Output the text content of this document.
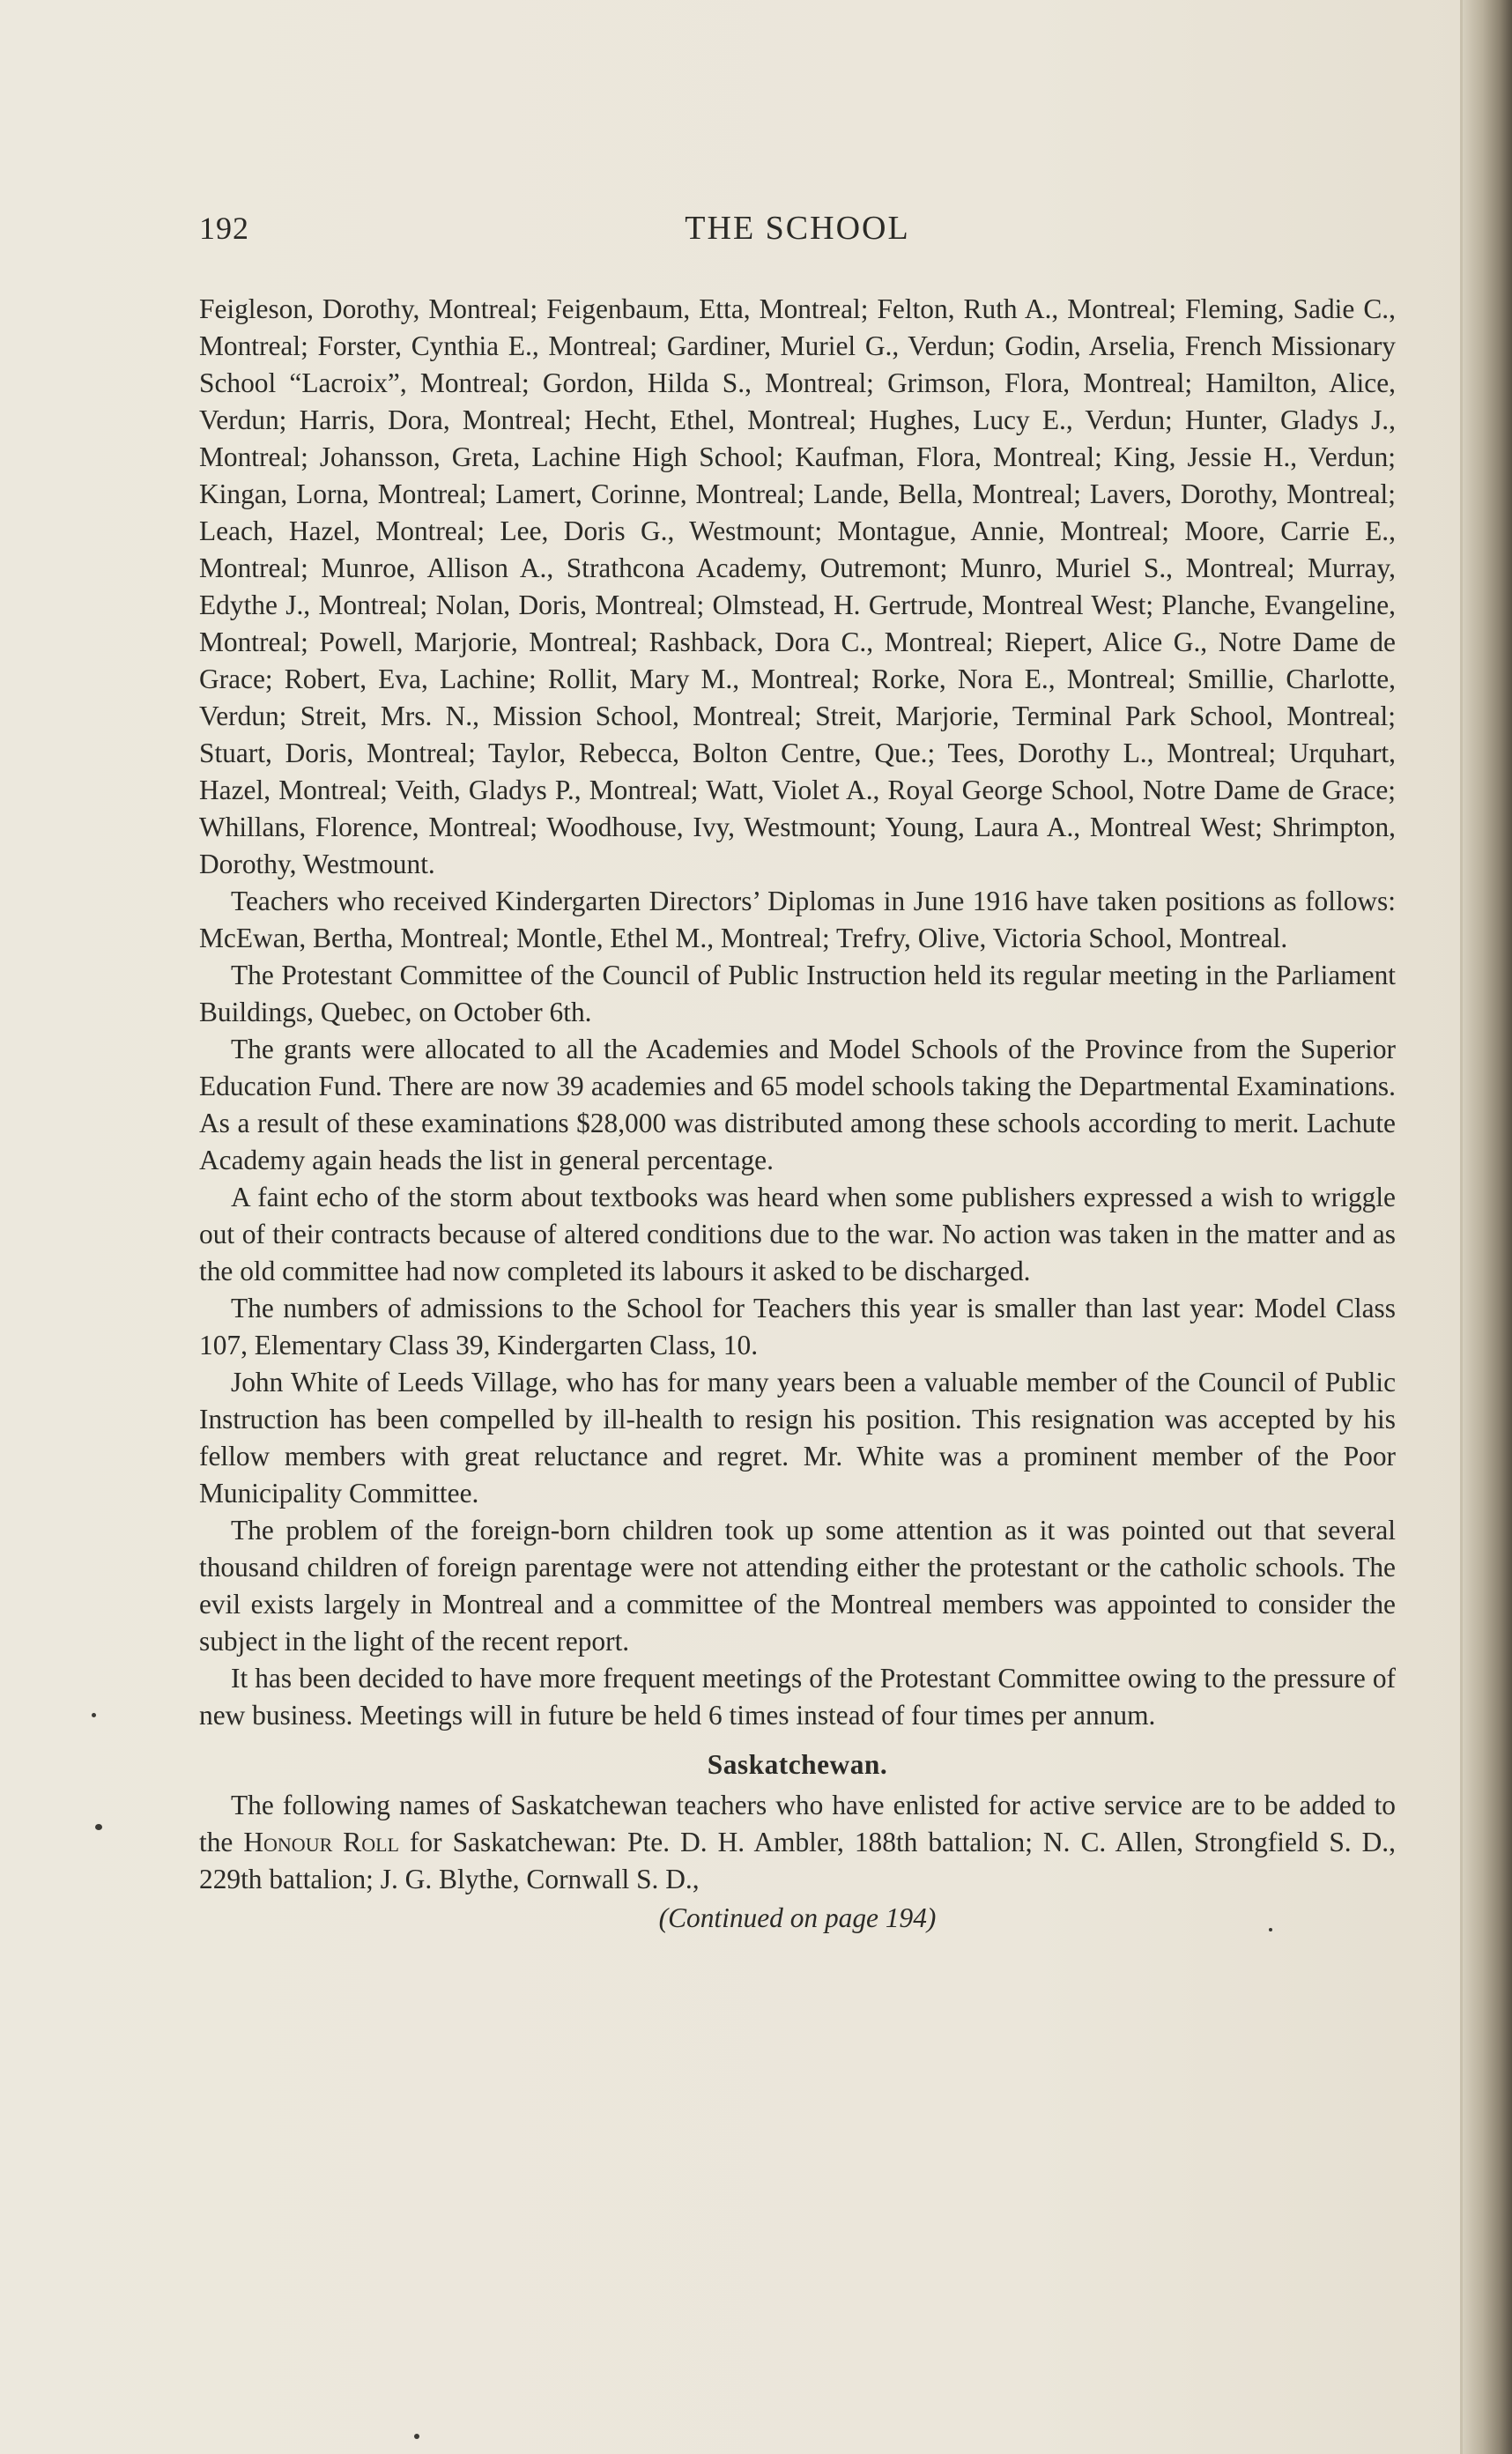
192	THE SCHOOL

Feigleson, Dorothy, Montreal; Feigenbaum, Etta, Montreal; Felton, Ruth A., Montreal; Fleming, Sadie C., Montreal; Forster, Cynthia E., Montreal; Gardiner, Muriel G., Verdun; Godin, Arselia, French Missionary School “Lacroix”, Montreal; Gordon, Hilda S., Montreal; Grimson, Flora, Montreal; Hamilton, Alice, Verdun; Harris, Dora, Montreal; Hecht, Ethel, Montreal; Hughes, Lucy E., Verdun; Hunter, Gladys J., Montreal; Johansson, Greta, Lachine High School; Kaufman, Flora, Montreal; King, Jessie H., Verdun; Kingan, Lorna, Montreal; Lamert, Corinne, Montreal; Lande, Bella, Montreal; Lavers, Dorothy, Montreal; Leach, Hazel, Montreal; Lee, Doris G., Westmount; Montague, Annie, Montreal; Moore, Carrie E., Montreal; Munroe, Allison A., Strathcona Academy, Outremont; Munro, Muriel S., Montreal; Murray, Edythe J., Montreal; Nolan, Doris, Montreal; Olmstead, H. Gertrude, Montreal West; Planche, Evangeline, Montreal; Powell, Marjorie, Montreal; Rashback, Dora C., Montreal; Riepert, Alice G., Notre Dame de Grace; Robert, Eva, Lachine; Rollit, Mary M., Montreal; Rorke, Nora E., Montreal; Smillie, Charlotte, Verdun; Streit, Mrs. N., Mission School, Montreal; Streit, Marjorie, Terminal Park School, Montreal; Stuart, Doris, Montreal; Taylor, Rebecca, Bolton Centre, Que.; Tees, Dorothy L., Montreal; Urquhart, Hazel, Montreal; Veith, Gladys P., Montreal; Watt, Violet A., Royal George School, Notre Dame de Grace; Whillans, Florence, Montreal; Woodhouse, Ivy, Westmount; Young, Laura A., Montreal West; Shrimpton, Dorothy, Westmount.

Teachers who received Kindergarten Directors’ Diplomas in June 1916 have taken positions as follows: McEwan, Bertha, Montreal; Montle, Ethel M., Montreal; Trefry, Olive, Victoria School, Montreal.

The Protestant Committee of the Council of Public Instruction held its regular meeting in the Parliament Buildings, Quebec, on October 6th.

The grants were allocated to all the Academies and Model Schools of the Province from the Superior Education Fund. There are now 39 academies and 65 model schools taking the Departmental Examinations. As a result of these examinations $28,000 was distributed among these schools according to merit. Lachute Academy again heads the list in general percentage.

A faint echo of the storm about textbooks was heard when some publishers expressed a wish to wriggle out of their contracts because of altered conditions due to the war. No action was taken in the matter and as the old committee had now completed its labours it asked to be discharged.

The numbers of admissions to the School for Teachers this year is smaller than last year: Model Class 107, Elementary Class 39, Kindergarten Class, 10.

John White of Leeds Village, who has for many years been a valuable member of the Council of Public Instruction has been compelled by ill-health to resign his position. This resignation was accepted by his fellow members with great reluctance and regret. Mr. White was a prominent member of the Poor Municipality Committee.

The problem of the foreign-born children took up some attention as it was pointed out that several thousand children of foreign parentage were not attending either the protestant or the catholic schools. The evil exists largely in Montreal and a committee of the Montreal members was appointed to consider the subject in the light of the recent report.

It has been decided to have more frequent meetings of the Protestant Committee owing to the pressure of new business. Meetings will in future be held 6 times instead of four times per annum.

Saskatchewan.

The following names of Saskatchewan teachers who have enlisted for active service are to be added to the Honour Roll for Saskatchewan: Pte. D. H. Ambler, 188th battalion; N. C. Allen, Strongfield S. D., 229th battalion; J. G. Blythe, Cornwall S. D.,

(Continued on page 194)
